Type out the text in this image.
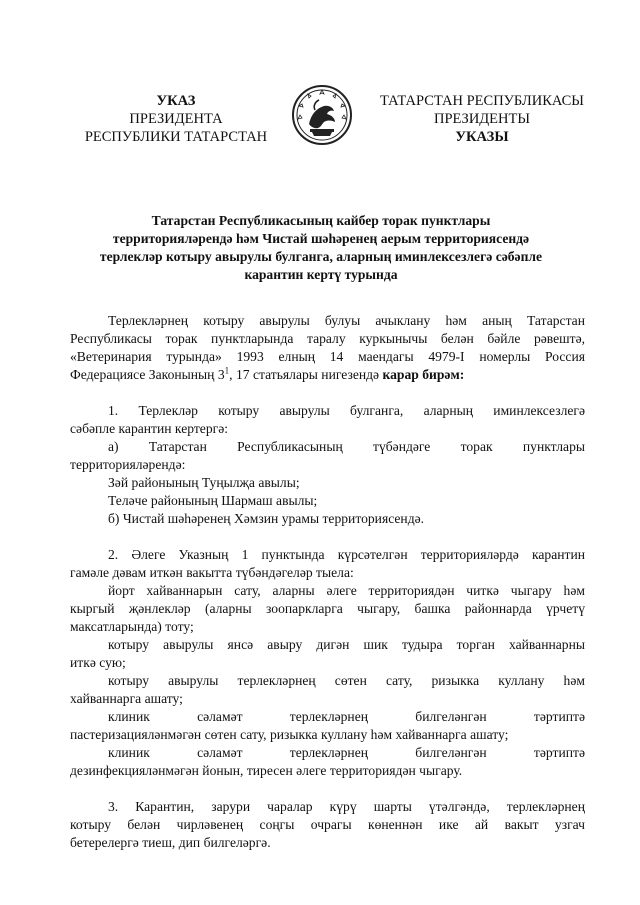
УКАЗ
ПРЕЗИДЕНТА
РЕСПУБЛИКИ ТАТАРСТАН
ТАТАРСТАН РЕСПУБЛИКАСЫ
ПРЕЗИДЕНТЫ
УКАЗЫ
Татарстан Республикасының кайбер торак пунктлары
территорияләрендә һәм Чистай шәһәренең аерым территориясендә
терлекләр котыру авырулы булганга, аларның иминлексезлегә сәбәпле
карантин кертү турында
Терлекләрнең котыру авырулы булуы ачыклану һәм аның Татарстан
Республикасы торак пунктларында таралу куркынычы белән бәйле рәвештә,
«Ветеринария турында» 1993 елның 14 маендагы 4979-I номерлы Россия
Федерациясе Законының $3^1$, 17 статьялары нигезендә карар бирәм:
1. Терлекләр котыру авырулы булганга, аларның иминлексезлегә
сәбәпле карантин кертергә:
а) Татарстан Республикасының түбәндәге торак пунктлары
территорияләрендә:
Зәй районының Туңылҗа авылы;
Теләче районының Шармаш авылы;
б) Чистай шәһәренең Хәмзин урамы территориясендә.
2. Әлеге Указның 1 пунктында күрсәтелгән территорияләрдә карантин
гамәле дәвам иткән вакытта түбәндәгеләр тыела:
йорт хайваннарын сату, аларны әлеге территориядән читкә чыгару һәм
кыргый җәнлекләр (аларны зоопаркларга чыгару, башка районнарда үрчетү
максатларында) тоту;
котыру авырулы янсә авыру дигән шик тудыра торган хайваннарны
иткә сую;
котыру авырулы терлекләрнең сөтен сату, ризыкка куллану һәм
хайваннарга ашату;
клиник сәламәт терлекләрнең билгеләнгән тәртиптә
пастеризацияләнмәгән сөтен сату, ризыкка куллану һәм хайваннарга ашату;
клиник сәламәт терлекләрнең билгеләнгән тәртиптә
дезинфекцияләнмәгән йонын, тиресен әлеге территориядән чыгару.
3. Карантин, зарури чаралар күрү шарты үтәлгәндә, терлекләрнең
котыру белән чирләвенең соңгы очрагы көненнән ике ай вакыт узгач
бетерелергә тиеш, дип билгеләргә.
